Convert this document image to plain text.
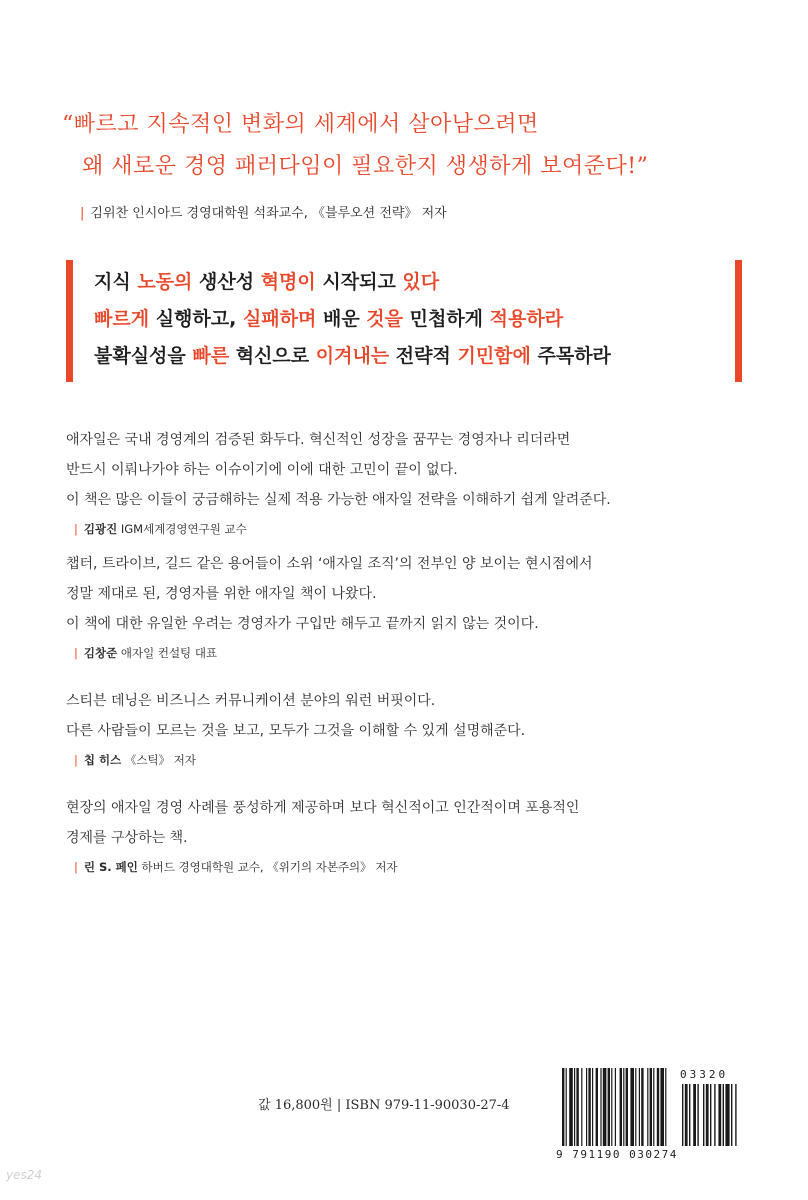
“빠르고 지속적인 변화의 세계에서 살아남으려면
왜 새로운 경영 패러다임이 필요한지 생생하게 보여준다!”
| 김위찬 인시아드 경영대학원 석좌교수, 《블루오션 전략》 저자
지식 노동의 생산성 혁명이 시작되고 있다
빠르게 실행하고, 실패하며 배운 것을 민첩하게 적용하라
불확실성을 빠른 혁신으로 이겨내는 전략적 기민함에 주목하라
애자일은 국내 경영계의 검증된 화두다. 혁신적인 성장을 꿈꾸는 경영자나 리더라면
반드시 이뤄나가야 하는 이슈이기에 이에 대한 고민이 끝이 없다.
이 책은 많은 이들이 궁금해하는 실제 적용 가능한 애자일 전략을 이해하기 쉽게 알려준다.
| 김광진 IGM세계경영연구원 교수
챕터, 트라이브, 길드 같은 용어들이 소위 ‘애자일 조직’의 전부인 양 보이는 현시점에서
정말 제대로 된, 경영자를 위한 애자일 책이 나왔다.
이 책에 대한 유일한 우려는 경영자가 구입만 해두고 끝까지 읽지 않는 것이다.
| 김창준 애자일 컨설팅 대표
스티븐 데닝은 비즈니스 커뮤니케이션 분야의 워런 버핏이다.
다른 사람들이 모르는 것을 보고, 모두가 그것을 이해할 수 있게 설명해준다.
| 칩 히스 《스틱》 저자
현장의 애자일 경영 사례를 풍성하게 제공하며 보다 혁신적이고 인간적이며 포용적인
경제를 구상하는 책.
| 린 S. 페인 하버드 경영대학원 교수, 《위기의 자본주의》 저자
값 16,800원 | ISBN 979-11-90030-27-4
03320
9 791190 030274
yes24
